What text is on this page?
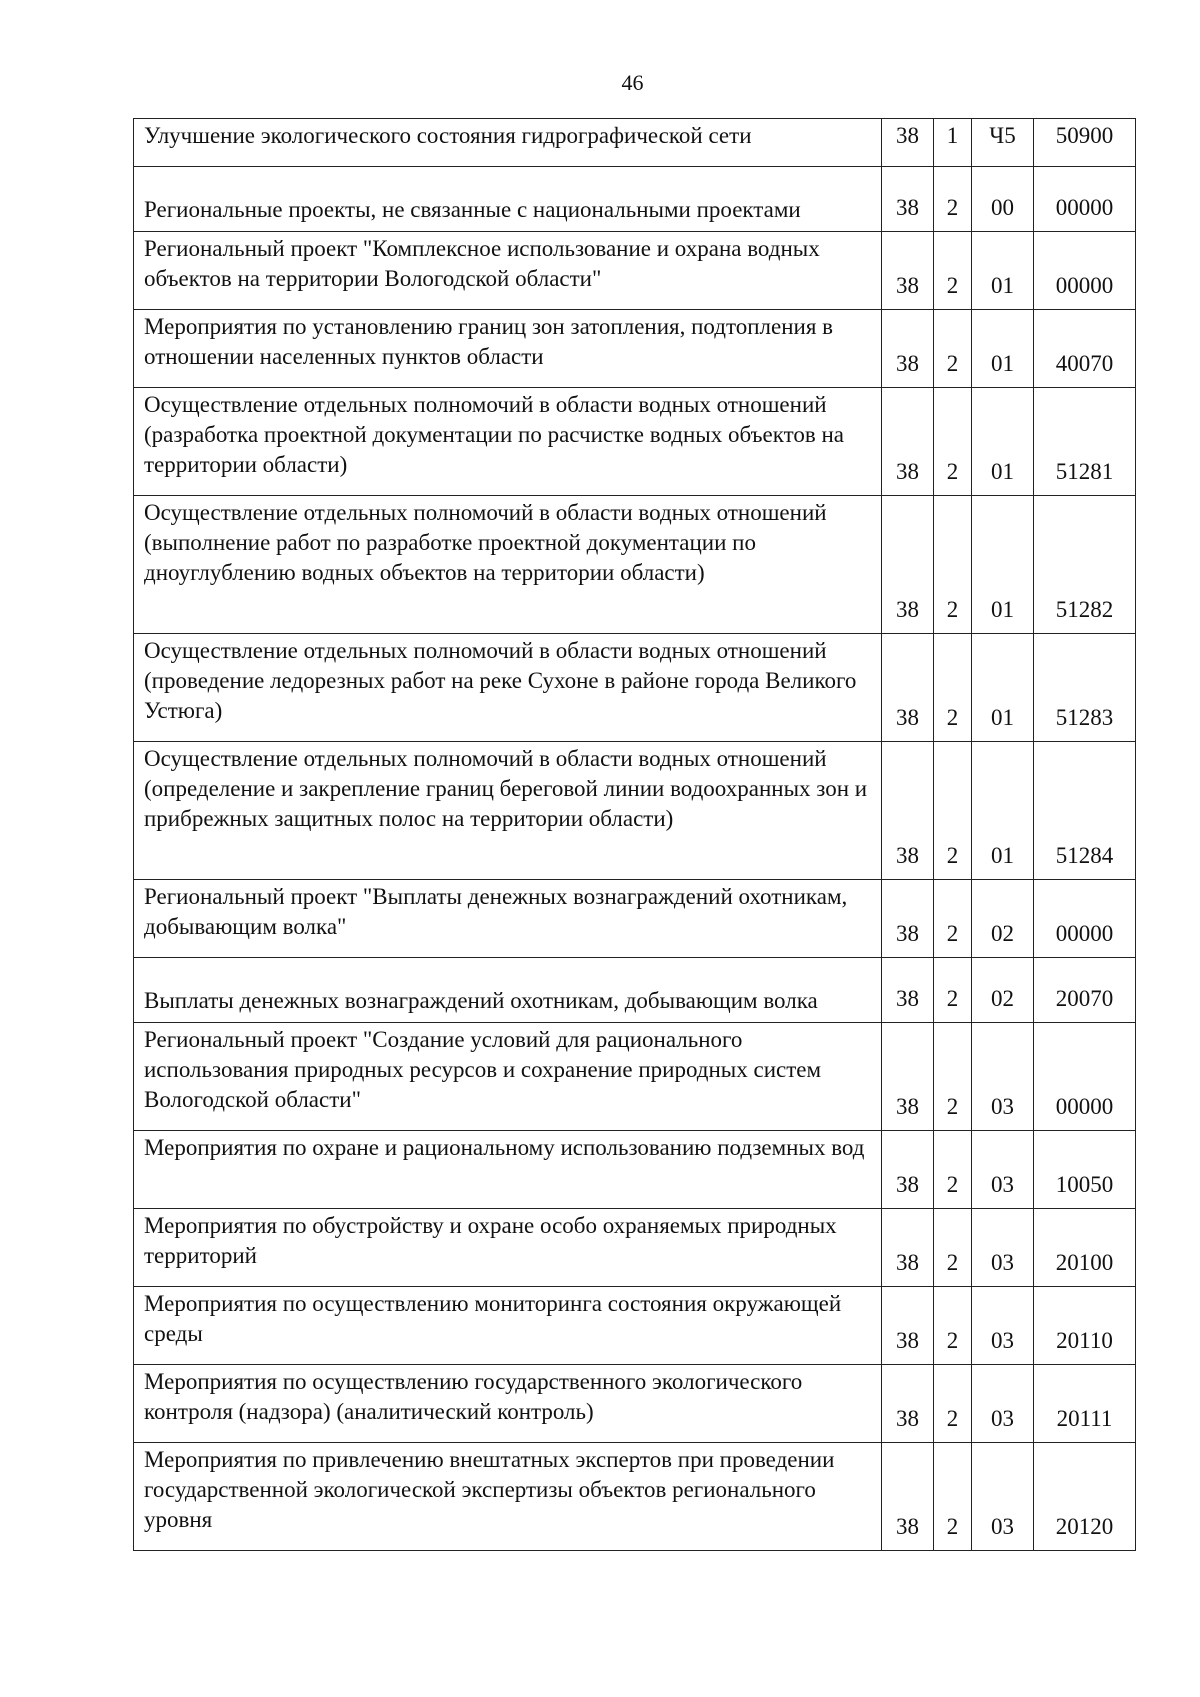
46
Улучшение экологического состояния гидрографической сети	38	1	Ч5	50900
Региональные проекты, не связанные с национальными проектами	38	2	00	00000
Региональный проект "Комплексное использование и охрана водных объектов на территории Вологодской области"	38	2	01	00000
Мероприятия по установлению границ зон затопления, подтопления в отношении населенных пунктов области	38	2	01	40070
Осуществление отдельных полномочий в области водных отношений (разработка проектной документации по расчистке водных объектов на территории области)	38	2	01	51281
Осуществление отдельных полномочий в области водных отношений (выполнение работ по разработке проектной документации по дноуглублению водных объектов на территории области)	38	2	01	51282
Осуществление отдельных полномочий в области водных отношений (проведение ледорезных работ на реке Сухоне в районе города Великого Устюга)	38	2	01	51283
Осуществление отдельных полномочий в области водных отношений (определение и закрепление границ береговой линии водоохранных зон и прибрежных защитных полос на территории области)	38	2	01	51284
Региональный проект "Выплаты денежных вознаграждений охотникам, добывающим волка"	38	2	02	00000
Выплаты денежных вознаграждений охотникам, добывающим волка	38	2	02	20070
Региональный проект "Создание условий для рационального использования природных ресурсов и сохранение природных систем Вологодской области"	38	2	03	00000
Мероприятия по охране и рациональному использованию подземных вод	38	2	03	10050
Мероприятия по обустройству и охране особо охраняемых природных территорий	38	2	03	20100
Мероприятия по осуществлению мониторинга состояния окружающей среды	38	2	03	20110
Мероприятия по осуществлению государственного экологического контроля (надзора) (аналитический контроль)	38	2	03	20111
Мероприятия по привлечению внештатных экспертов при проведении государственной экологической экспертизы объектов регионального уровня	38	2	03	20120
